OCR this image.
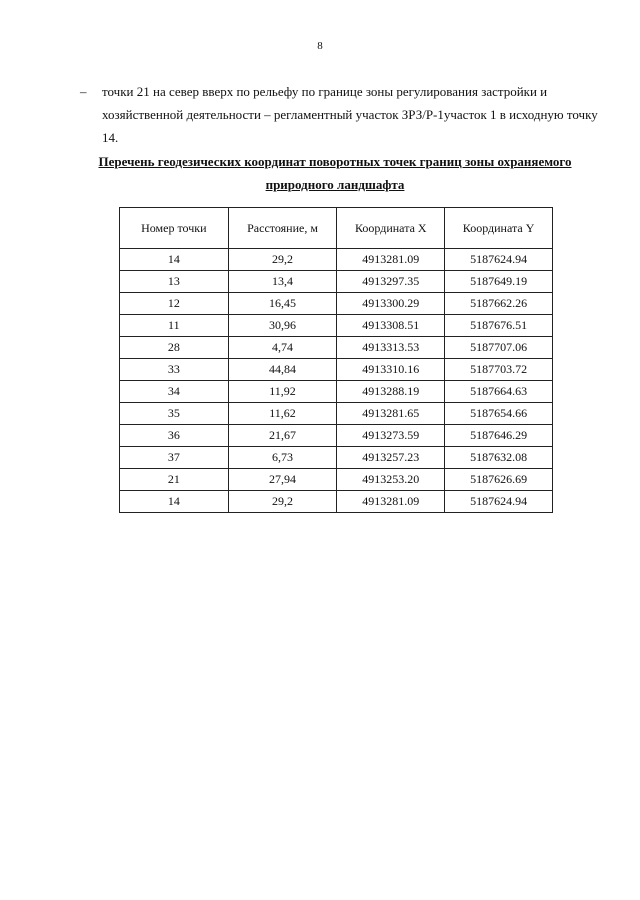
8
–	точки 21 на север вверх по рельефу по границе зоны регулирования застройки и
хозяйственной деятельности – регламентный участок ЗРЗ/Р-1участок 1 в исходную точку
14.
Перечень геодезических координат поворотных точек границ зоны охраняемого
природного ландшафта
Номер точки	Расстояние, м	Координата X	Координата Y
14	29,2	4913281.09	5187624.94
13	13,4	4913297.35	5187649.19
12	16,45	4913300.29	5187662.26
11	30,96	4913308.51	5187676.51
28	4,74	4913313.53	5187707.06
33	44,84	4913310.16	5187703.72
34	11,92	4913288.19	5187664.63
35	11,62	4913281.65	5187654.66
36	21,67	4913273.59	5187646.29
37	6,73	4913257.23	5187632.08
21	27,94	4913253.20	5187626.69
14	29,2	4913281.09	5187624.94
